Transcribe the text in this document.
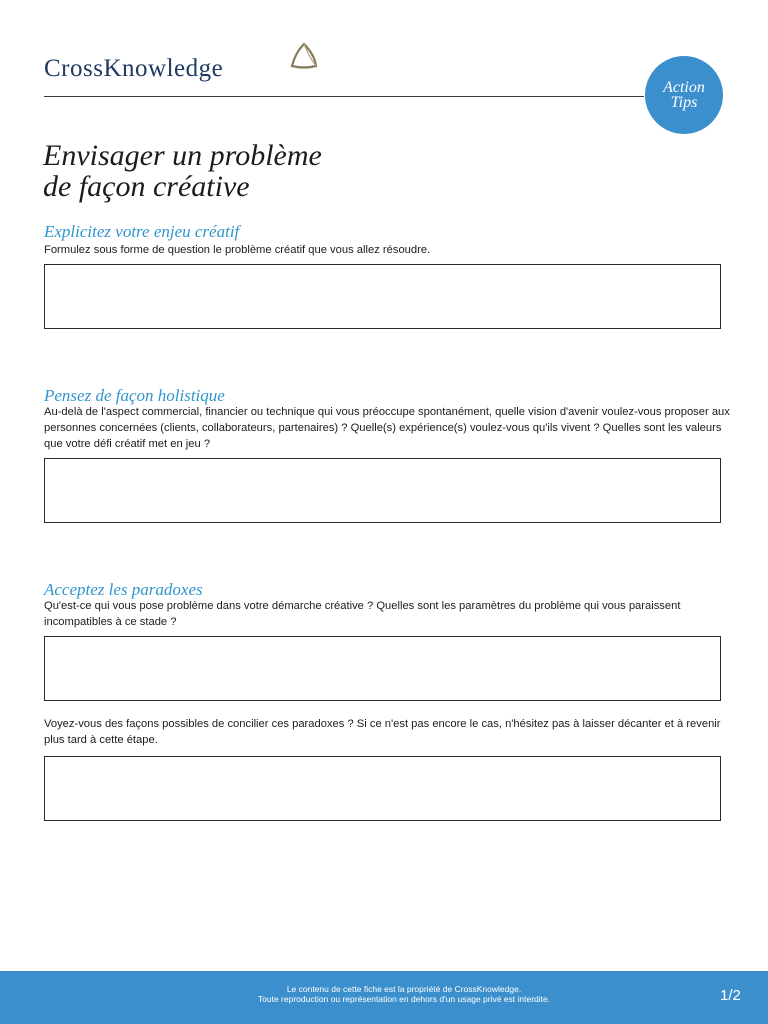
CrossKnowledge
Action
Tips
Envisager un problème
de façon créative
Explicitez votre enjeu créatif

Formulez sous forme de question le problème créatif que vous allez résoudre.

Pensez de façon holistique

Au-delà de l'aspect commercial, financier ou technique qui vous préoccupe spontanément, quelle vision d'avenir voulez-vous proposer aux personnes concernées (clients, collaborateurs, partenaires) ? Quelle(s) expérience(s) voulez-vous qu'ils vivent ? Quelles sont les valeurs que votre défi créatif met en jeu ?

Acceptez les paradoxes

Qu'est-ce qui vous pose problème dans votre démarche créative ? Quelles sont les paramètres du problème qui vous paraissent incompatibles à ce stade ?

Voyez-vous des façons possibles de concilier ces paradoxes ? Si ce n'est pas encore le cas, n'hésitez pas à laisser décanter et à revenir plus tard à cette étape.

Le contenu de cette fiche est la propriété de CrossKnowledge.
Toute reproduction ou représentation en dehors d'un usage privé est interdite.	1/2
